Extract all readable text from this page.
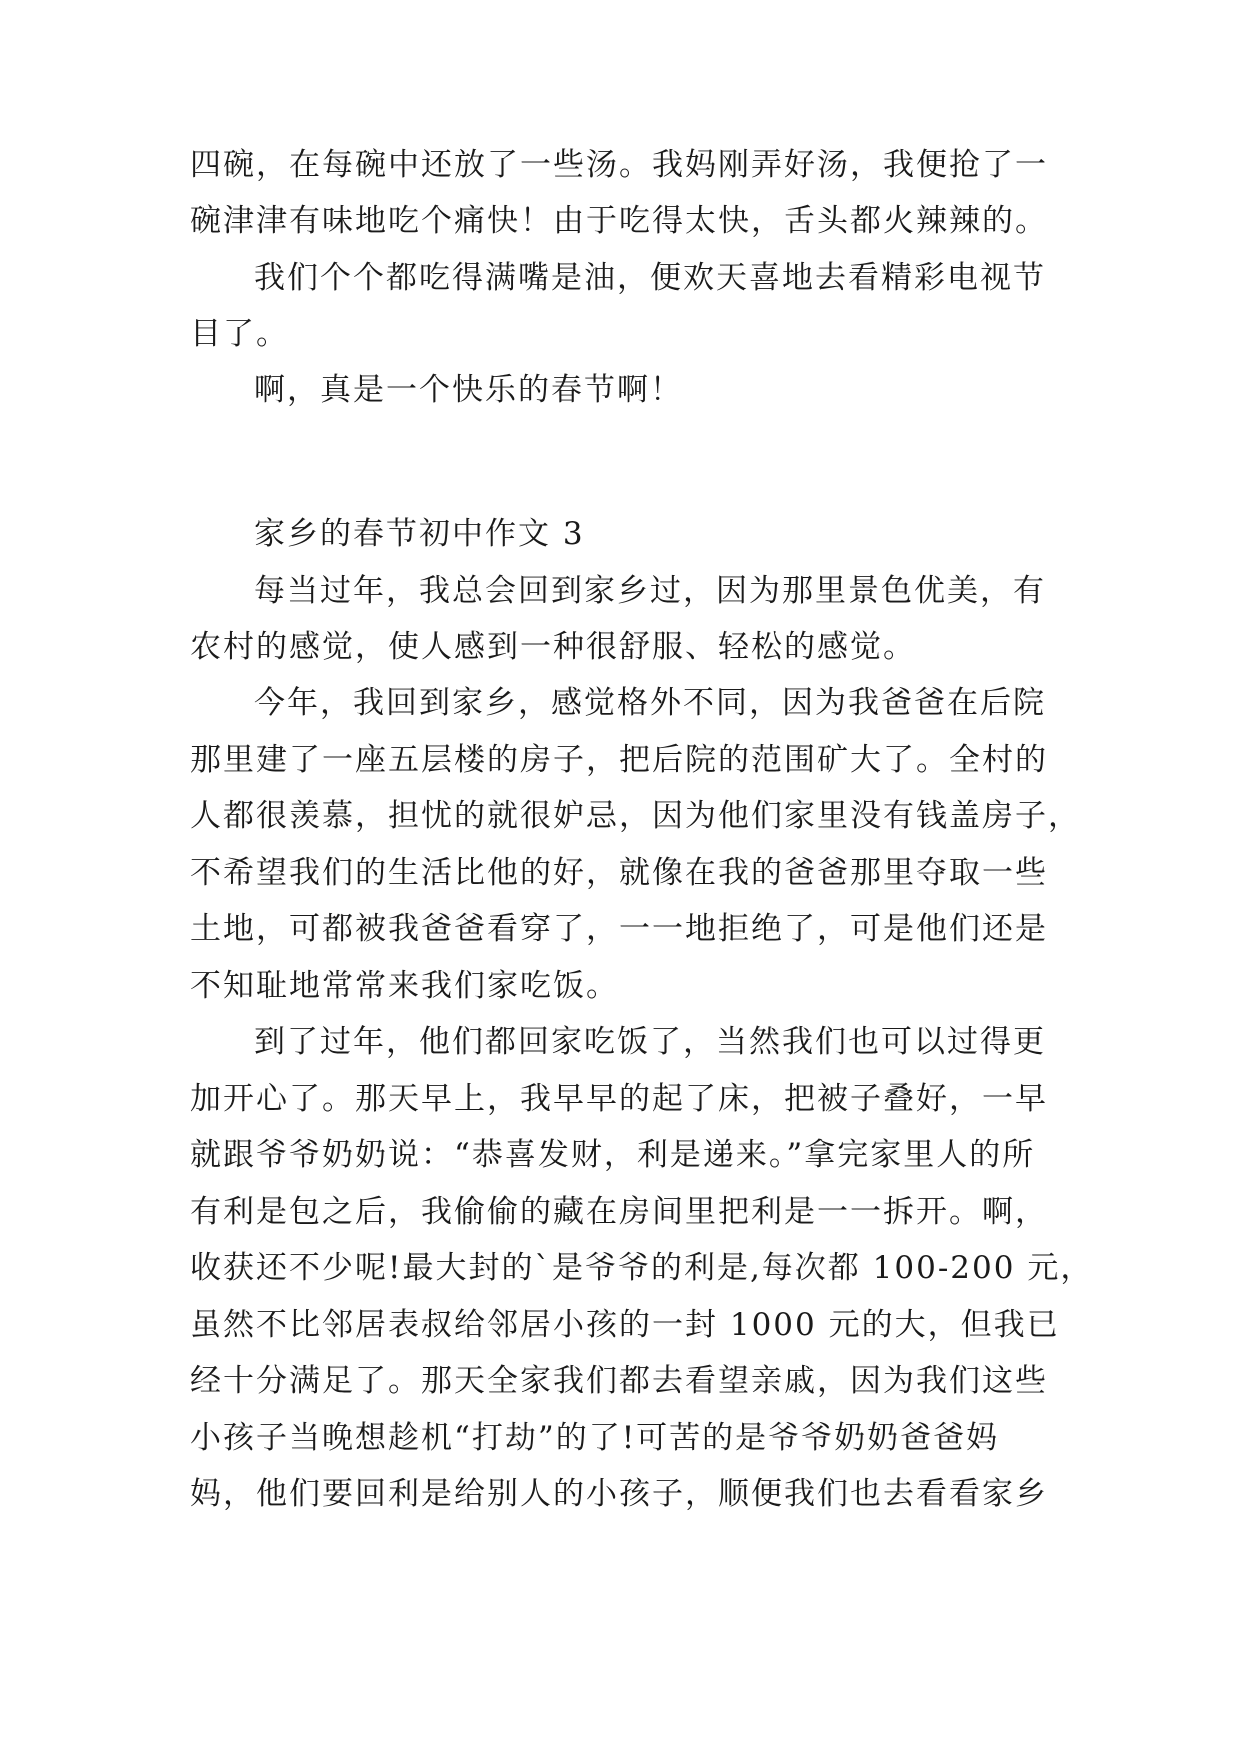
四碗，在每碗中还放了一些汤。我妈刚弄好汤，我便抢了一
碗津津有味地吃个痛快！由于吃得太快，舌头都火辣辣的。
我们个个都吃得满嘴是油，便欢天喜地去看精彩电视节
目了。
啊，真是一个快乐的春节啊！
家乡的春节初中作文 3
每当过年，我总会回到家乡过，因为那里景色优美，有
农村的感觉，使人感到一种很舒服、轻松的感觉。
今年，我回到家乡，感觉格外不同，因为我爸爸在后院
那里建了一座五层楼的房子，把后院的范围矿大了。全村的
人都很羡慕，担忧的就很妒忌，因为他们家里没有钱盖房子，
不希望我们的生活比他的好，就像在我的爸爸那里夺取一些
土地，可都被我爸爸看穿了，一一地拒绝了，可是他们还是
不知耻地常常来我们家吃饭。
到了过年，他们都回家吃饭了，当然我们也可以过得更
加开心了。那天早上，我早早的起了床，把被子叠好，一早
就跟爷爷奶奶说：“恭喜发财，利是递来。”拿完家里人的所
有利是包之后，我偷偷的藏在房间里把利是一一拆开。啊，
收获还不少呢!最大封的`是爷爷的利是,每次都 100-200 元，
虽然不比邻居表叔给邻居小孩的一封 1000 元的大，但我已
经十分满足了。那天全家我们都去看望亲戚，因为我们这些
小孩子当晚想趁机“打劫”的了!可苦的是爷爷奶奶爸爸妈
妈，他们要回利是给别人的小孩子，顺便我们也去看看家乡
